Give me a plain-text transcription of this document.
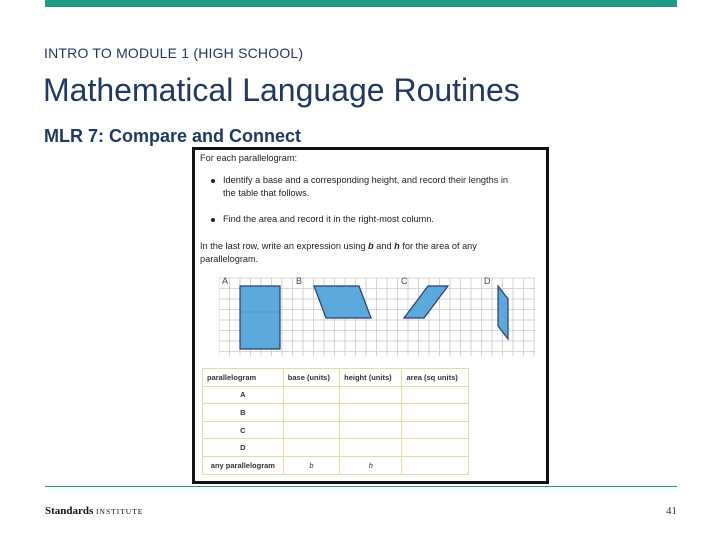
INTRO TO MODULE 1 (HIGH SCHOOL)
Mathematical Language Routines
MLR 7: Compare and Connect
For each parallelogram:
Identify a base and a corresponding height, and record their lengths in
the table that follows.
Find the area and record it in the right-most column.
In the last row, write an expression using b and h for the area of any
parallelogram.
A	B	C	D
parallelogram	base (units)	height (units)	area (sq units)
A			
B			
C			
D			
any parallelogram	b	h	
Standards INSTITUTE	41
